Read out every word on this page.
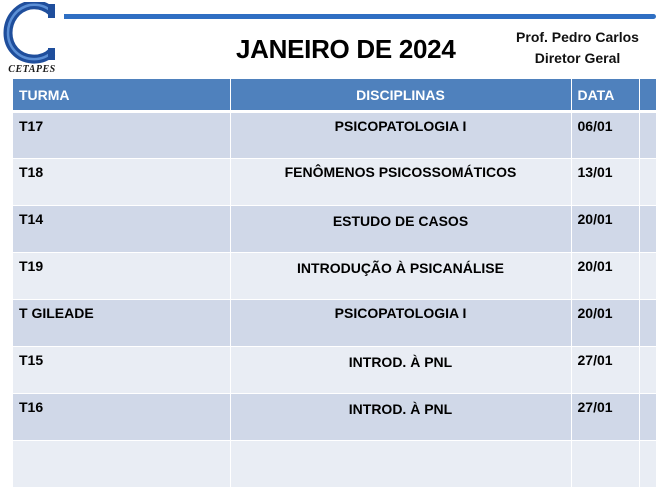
CETAPES
JANEIRO DE 2024	Prof. Pedro Carlos
Diretor Geral
TURMA	DISCIPLINAS	DATA	
T17	PSICOPATOLOGIA I	06/01	
T18	FENÔMENOS PSICOSSOMÁTICOS	13/01	
T14	ESTUDO DE CASOS	20/01	
T19	INTRODUÇÃO À PSICANÁLISE	20/01	
T GILEADE	PSICOPATOLOGIA I	20/01	
T15	INTROD. À PNL	27/01	
T16	INTROD. À PNL	27/01	
